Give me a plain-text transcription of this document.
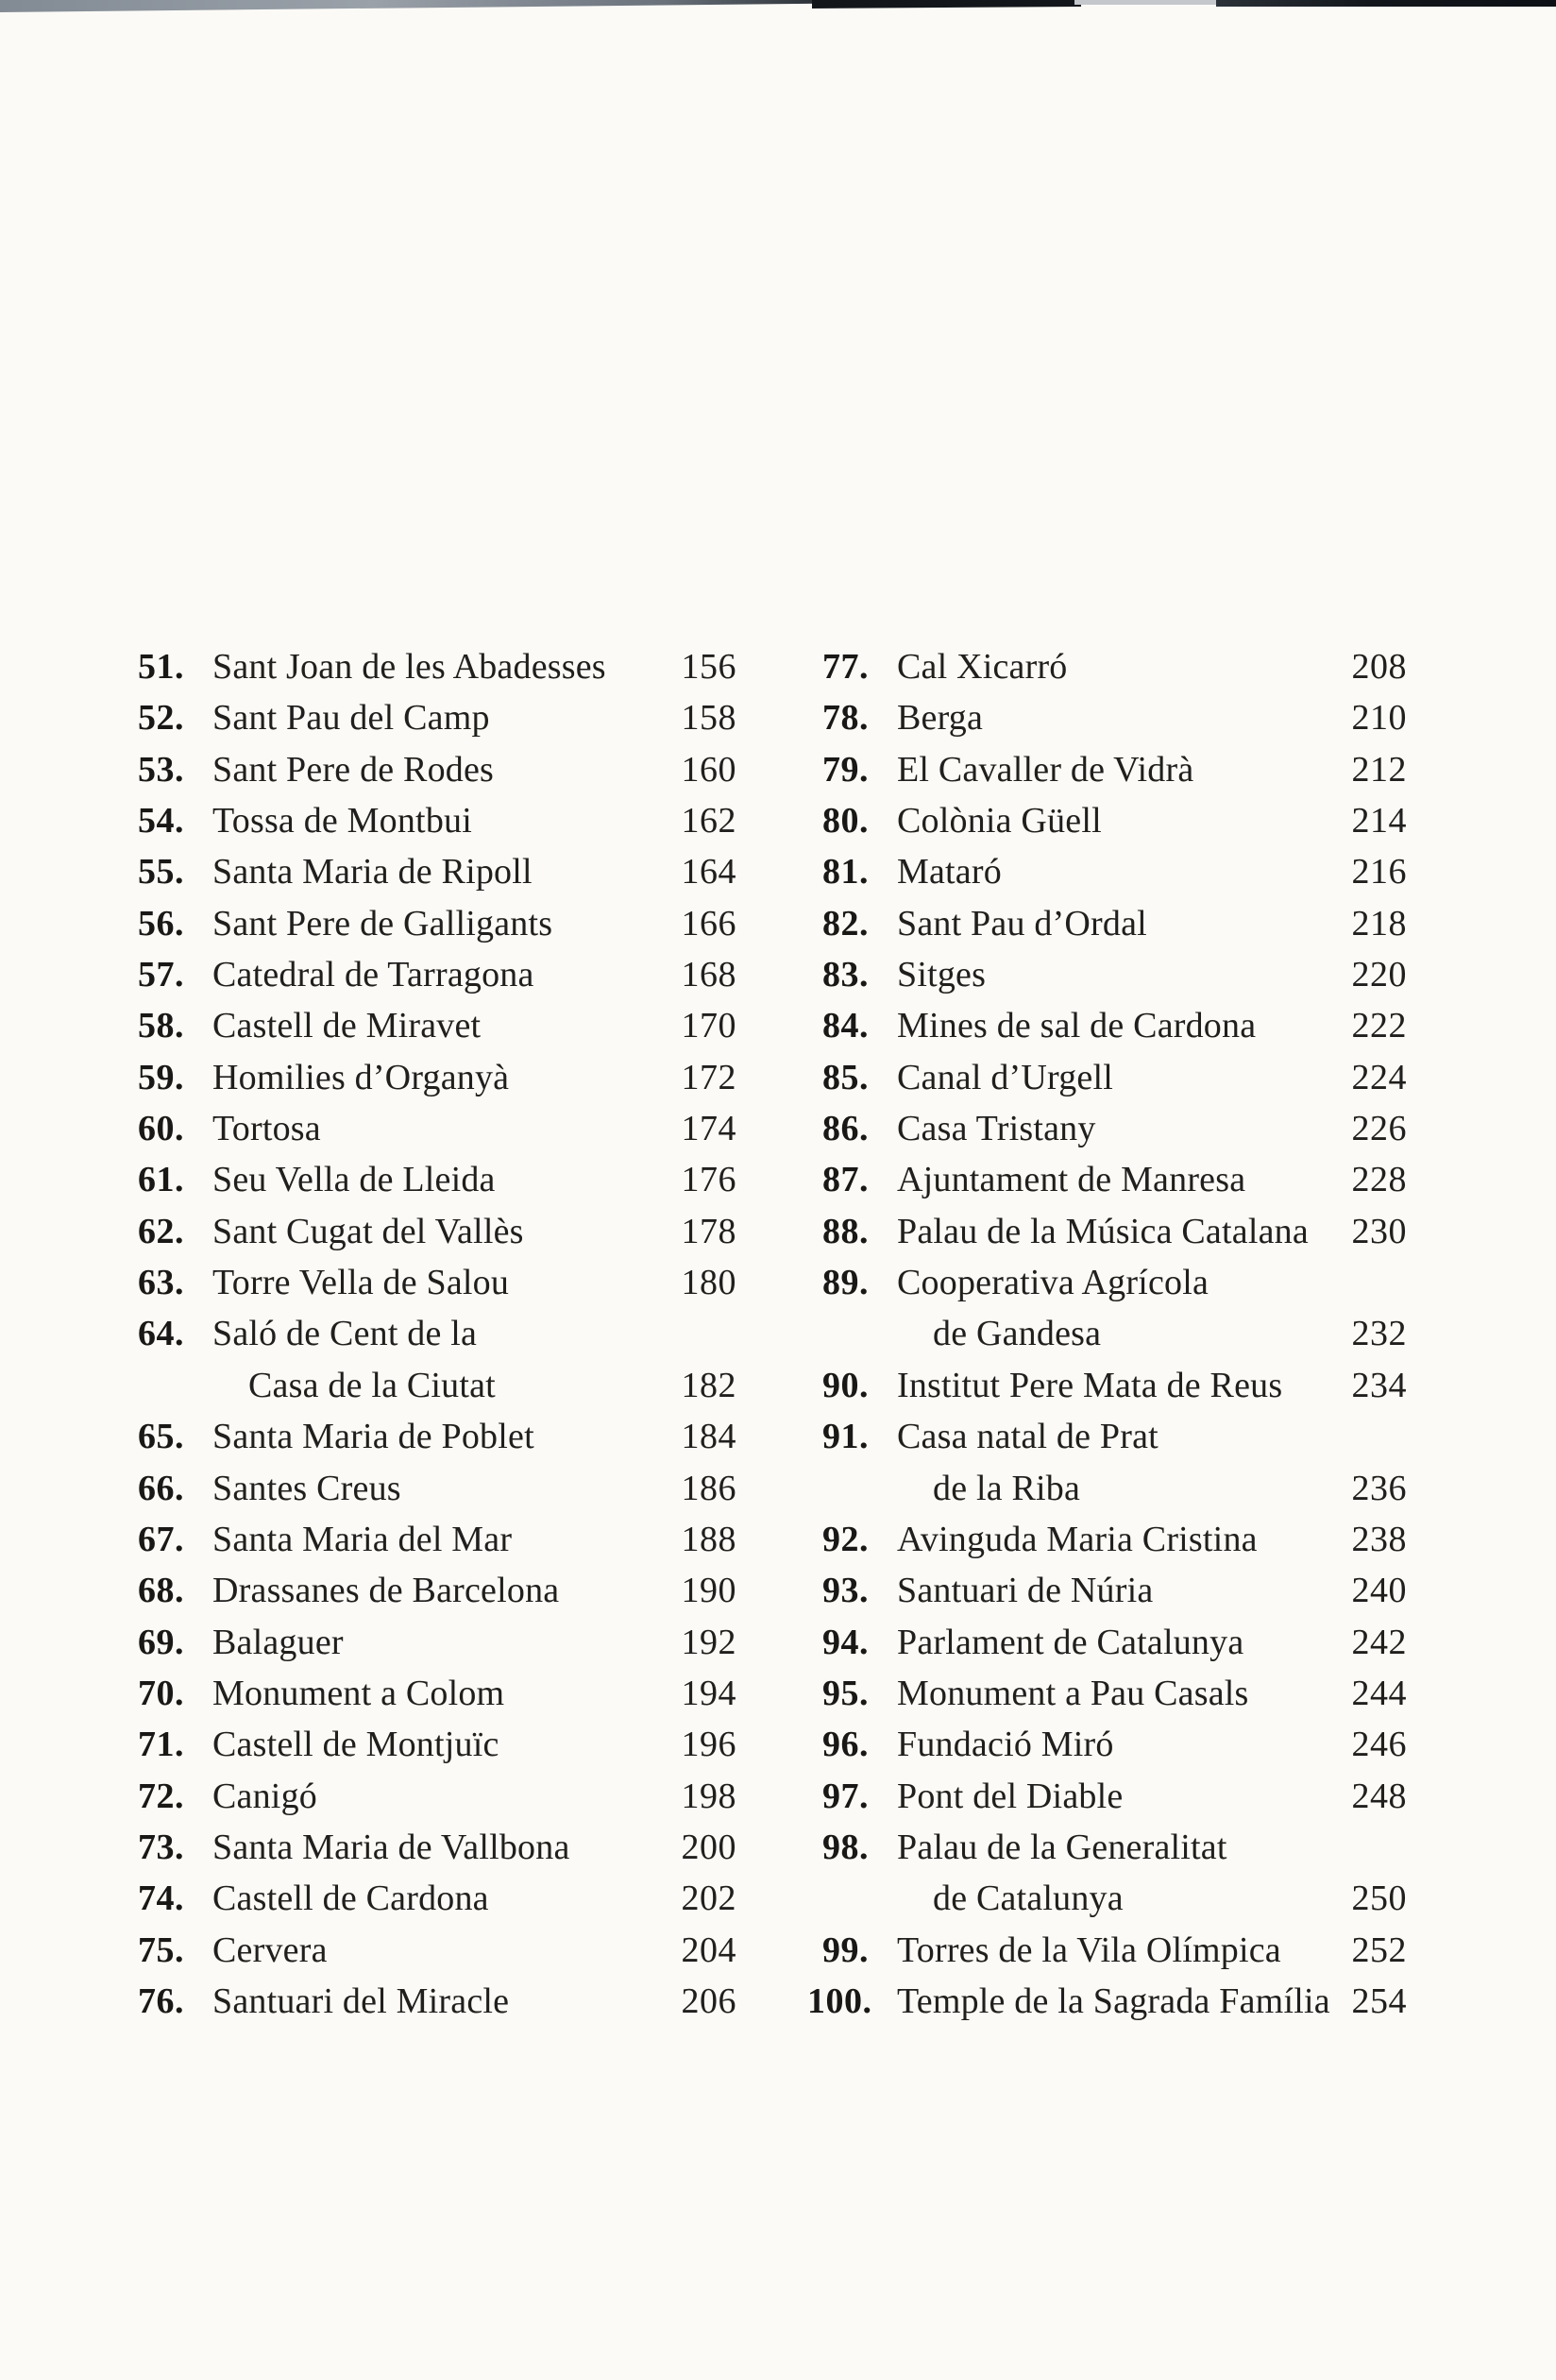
51. Sant Joan de les Abadesses	156
52. Sant Pau del Camp	158
53. Sant Pere de Rodes	160
54. Tossa de Montbui	162
55. Santa Maria de Ripoll	164
56. Sant Pere de Galligants	166
57. Catedral de Tarragona	168
58. Castell de Miravet	170
59. Homilies d’Organyà	172
60. Tortosa	174
61. Seu Vella de Lleida	176
62. Sant Cugat del Vallès	178
63. Torre Vella de Salou	180
64. Saló de Cent de la
Casa de la Ciutat	182
65. Santa Maria de Poblet	184
66. Santes Creus	186
67. Santa Maria del Mar	188
68. Drassanes de Barcelona	190
69. Balaguer	192
70. Monument a Colom	194
71. Castell de Montjuïc	196
72. Canigó	198
73. Santa Maria de Vallbona	200
74. Castell de Cardona	202
75. Cervera	204
76. Santuari del Miracle	206
77. Cal Xicarró	208
78. Berga	210
79. El Cavaller de Vidrà	212
80. Colònia Güell	214
81. Mataró	216
82. Sant Pau d’Ordal	218
83. Sitges	220
84. Mines de sal de Cardona	222
85. Canal d’Urgell	224
86. Casa Tristany	226
87. Ajuntament de Manresa	228
88. Palau de la Música Catalana	230
89. Cooperativa Agrícola
de Gandesa	232
90. Institut Pere Mata de Reus	234
91. Casa natal de Prat
de la Riba	236
92. Avinguda Maria Cristina	238
93. Santuari de Núria	240
94. Parlament de Catalunya	242
95. Monument a Pau Casals	244
96. Fundació Miró	246
97. Pont del Diable	248
98. Palau de la Generalitat
de Catalunya	250
99. Torres de la Vila Olímpica	252
100. Temple de la Sagrada Família 254
